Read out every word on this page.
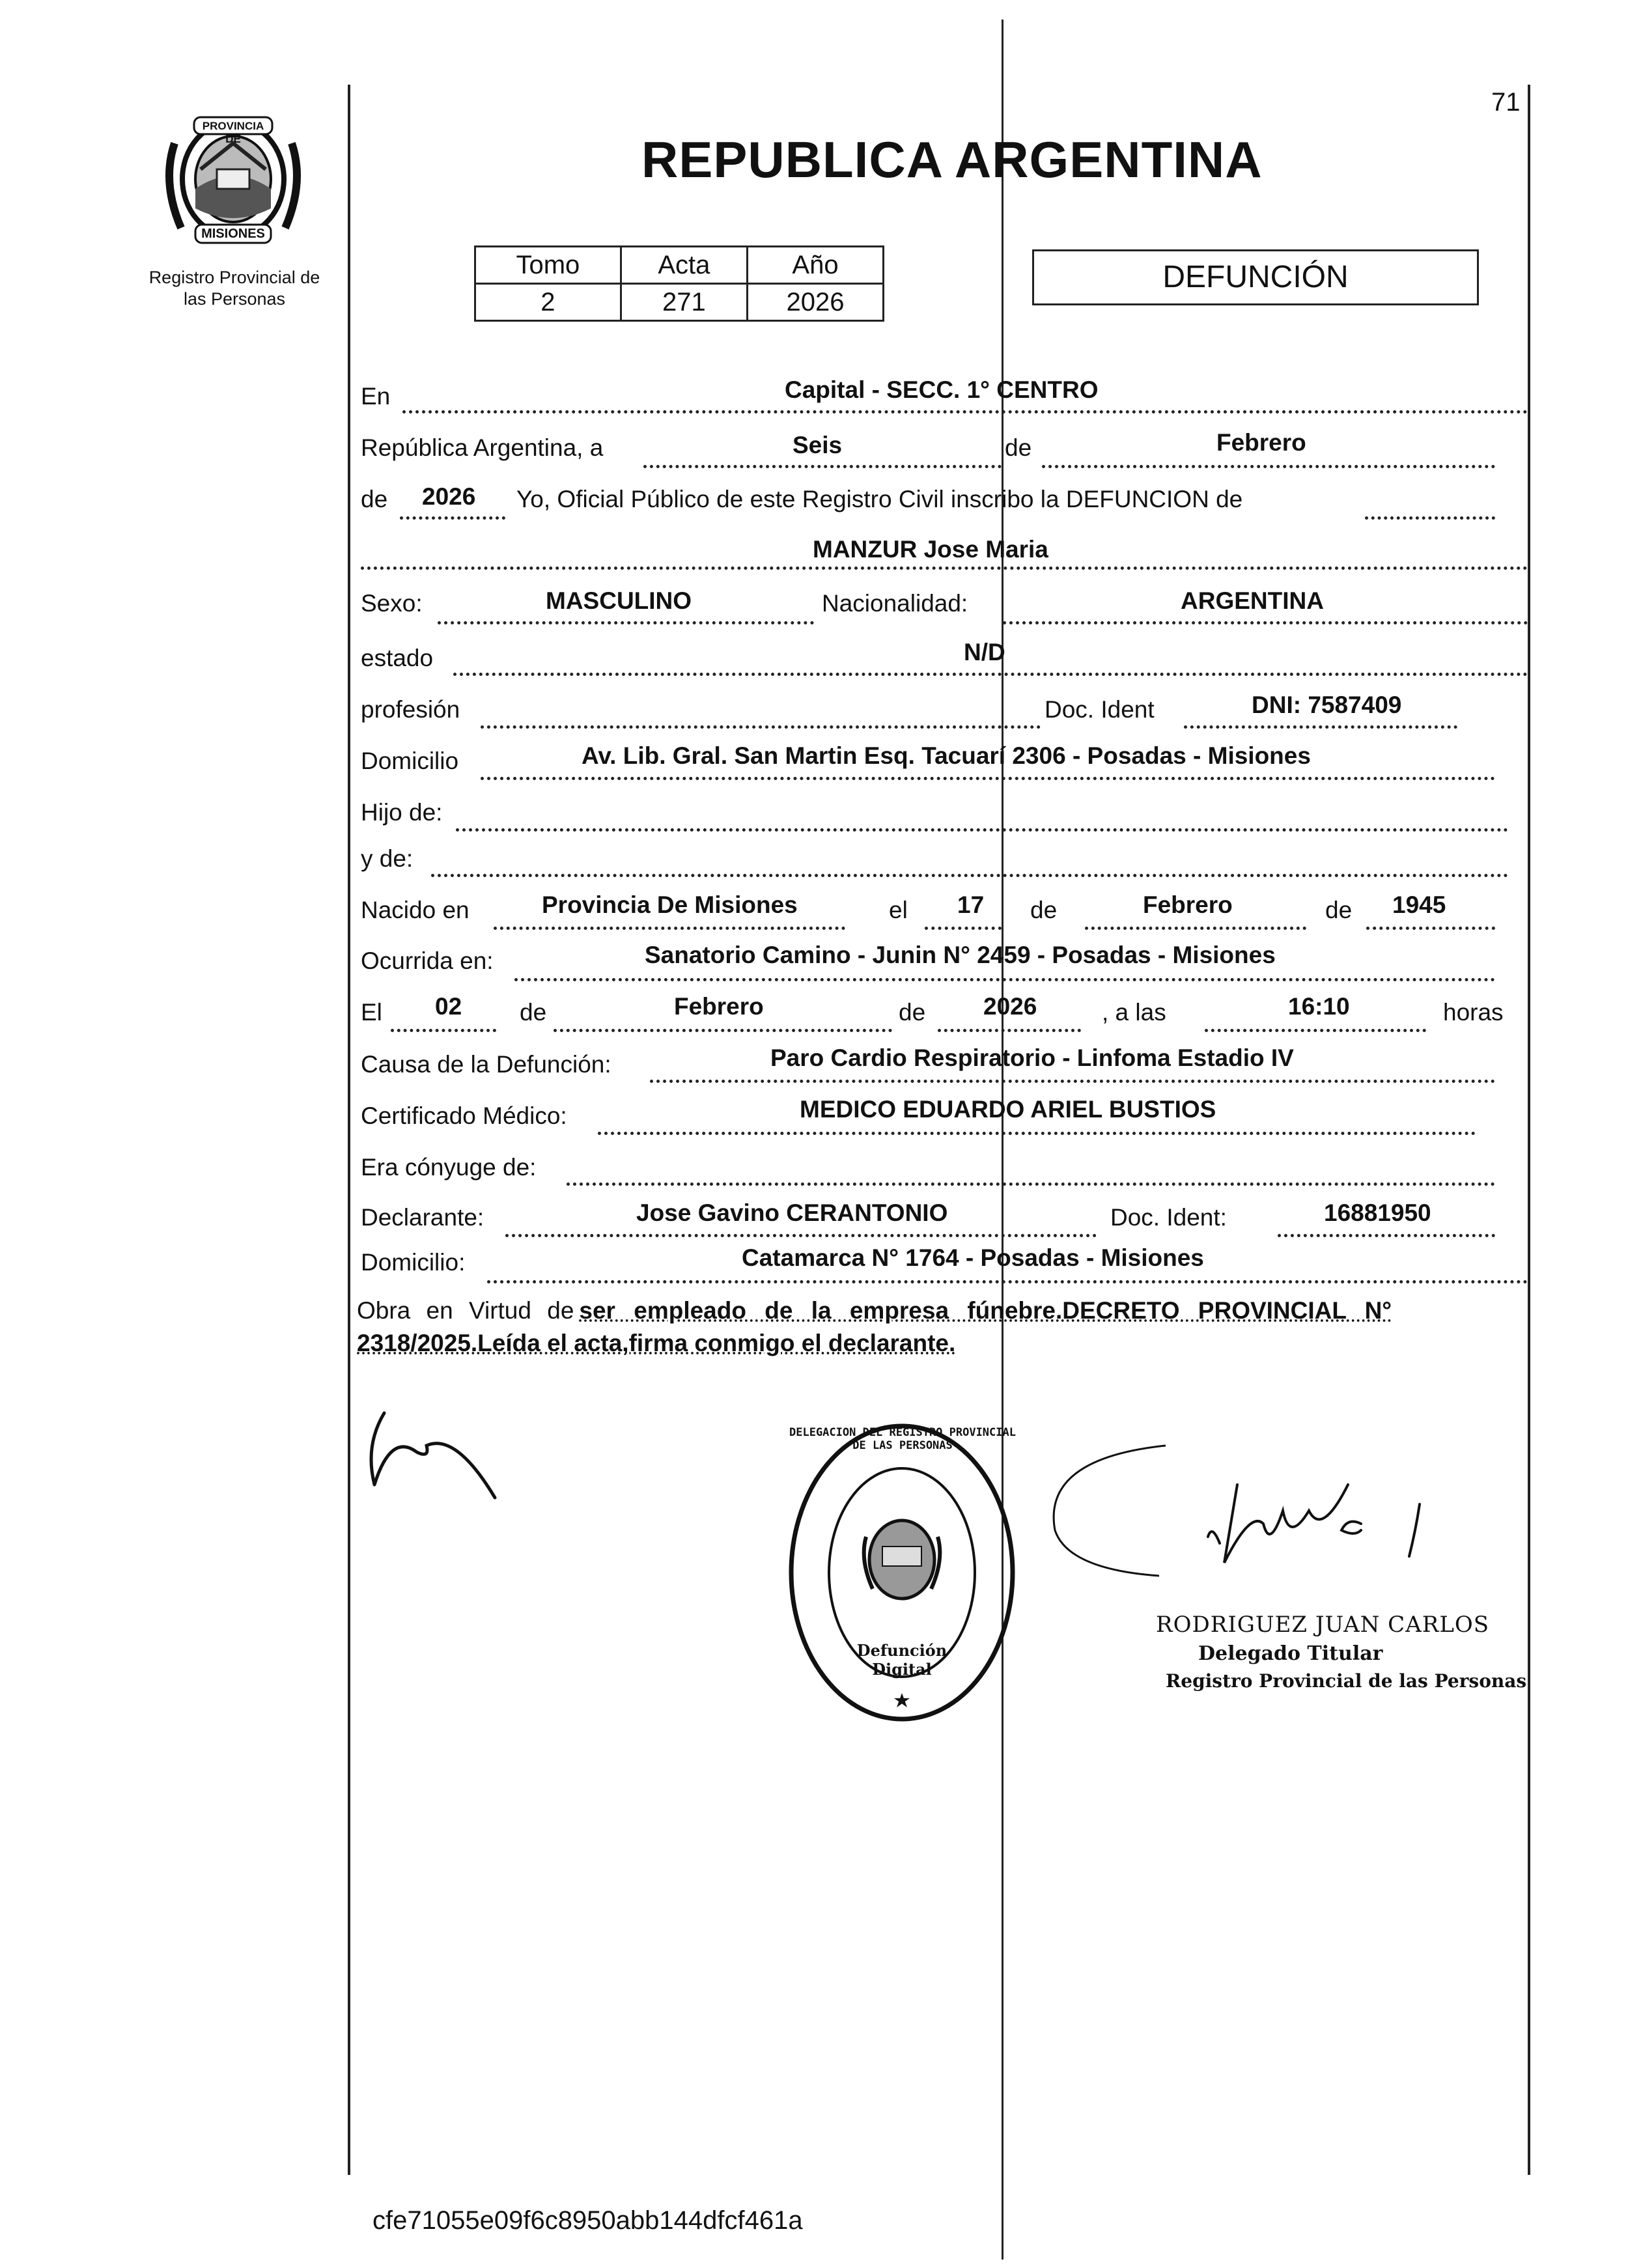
PROVINCIA DE
MISIONES
Registro Provincial de
las Personas
71
REPUBLICA ARGENTINA
Tomo	Acta	Año
2	271	2026
DEFUNCIÓN
En	Capital - SECC. 1° CENTRO
República Argentina, a	Seis	de	Febrero
de 2026 Yo, Oficial Público de este Registro Civil inscribo la DEFUNCION de
MANZUR Jose Maria
Sexo:	MASCULINO	Nacionalidad:	ARGENTINA
estado	N/D
profesión	Doc. Ident	DNI: 7587409
Domicilio	Av. Lib. Gral. San Martin Esq. Tacuarí 2306 - Posadas - Misiones
Hijo de:
y de:
Nacido en	Provincia De Misiones	el 17 de	Febrero	de 1945
Ocurrida en:	Sanatorio Camino - Junin N° 2459 - Posadas - Misiones
El 02 de	Febrero	de 2026	, a las	16:10	horas
Causa de la Defunción:	Paro Cardio Respiratorio - Linfoma Estadio IV
Certificado Médico:	MEDICO EDUARDO ARIEL BUSTIOS
Era cónyuge de:
Declarante:	Jose Gavino CERANTONIO	Doc. Ident:	16881950
Domicilio:	Catamarca N° 1764 - Posadas - Misiones
Obra en Virtud de ser empleado de la empresa fúnebre.DECRETO PROVINCIAL N°
2318/2025.Leída el acta,firma conmigo el declarante.
DELEGACION DEL REGISTRO PROVINCIAL DE LAS PERSONAS
Defunción Digital
RODRIGUEZ JUAN CARLOS
Delegado Titular
Registro Provincial de las Personas
cfe71055e09f6c8950abb144dfcf461a
